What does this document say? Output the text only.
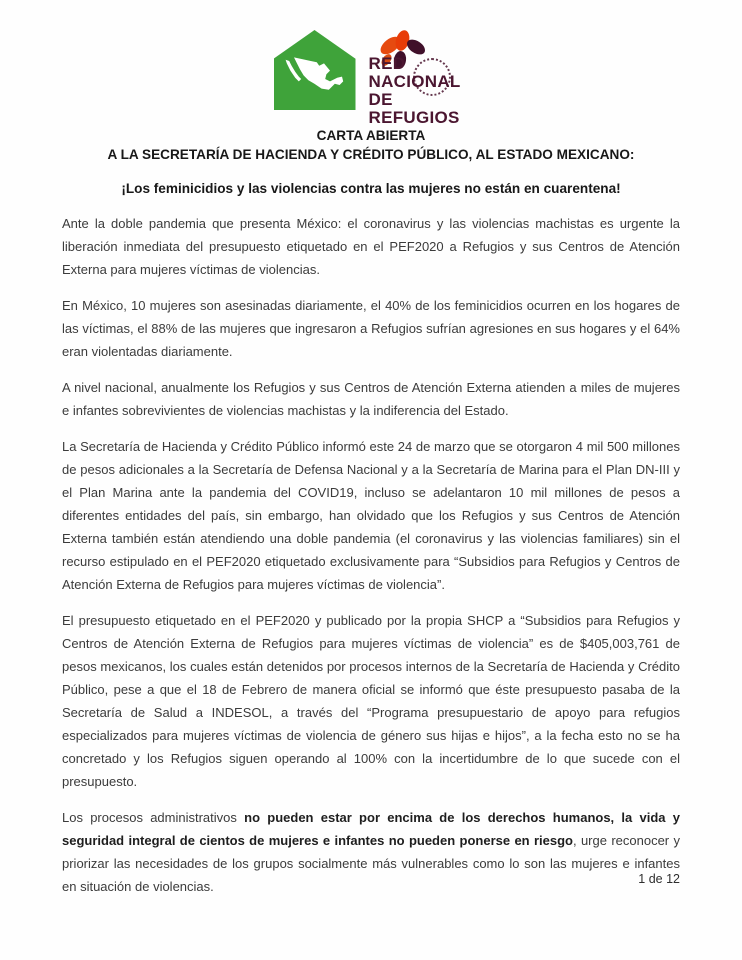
RED
NACIONAL
DE REFUGIOS
CARTA ABIERTA
A LA SECRETARÍA DE HACIENDA Y CRÉDITO PÚBLICO, AL ESTADO MEXICANO:
¡Los feminicidios y las violencias contra las mujeres no están en cuarentena!

Ante la doble pandemia que presenta México: el coronavirus y las violencias machistas es urgente la liberación inmediata del presupuesto etiquetado en el PEF2020 a Refugios y sus Centros de Atención Externa para mujeres víctimas de violencias.

En México, 10 mujeres son asesinadas diariamente, el 40% de los feminicidios ocurren en los hogares de las víctimas, el 88% de las mujeres que ingresaron a Refugios sufrían agresiones en sus hogares y el 64% eran violentadas diariamente.

A nivel nacional, anualmente los Refugios y sus Centros de Atención Externa atienden a miles de mujeres e infantes sobrevivientes de violencias machistas y la indiferencia del Estado.

La Secretaría de Hacienda y Crédito Público informó este 24 de marzo que se otorgaron 4 mil 500 millones de pesos adicionales a la Secretaría de Defensa Nacional y a la Secretaría de Marina para el Plan DN-III y el Plan Marina ante la pandemia del COVID19, incluso se adelantaron 10 mil millones de pesos a diferentes entidades del país, sin embargo, han olvidado que los Refugios y sus Centros de Atención Externa también están atendiendo una doble pandemia (el coronavirus y las violencias familiares) sin el recurso estipulado en el PEF2020 etiquetado exclusivamente para “Subsidios para Refugios y Centros de Atención Externa de Refugios para mujeres víctimas de violencia”.

El presupuesto etiquetado en el PEF2020 y publicado por la propia SHCP a “Subsidios para Refugios y Centros de Atención Externa de Refugios para mujeres víctimas de violencia” es de $405,003,761 de pesos mexicanos, los cuales están detenidos por procesos internos de la Secretaría de Hacienda y Crédito Público, pese a que el 18 de Febrero de manera oficial se informó que éste presupuesto pasaba de la Secretaría de Salud a INDESOL, a través del “Programa presupuestario de apoyo para refugios especializados para mujeres víctimas de violencia de género sus hijas e hijos”, a la fecha esto no se ha concretado y los Refugios siguen operando al 100% con la incertidumbre de lo que sucede con el presupuesto.

Los procesos administrativos no pueden estar por encima de los derechos humanos, la vida y seguridad integral de cientos de mujeres e infantes no pueden ponerse en riesgo, urge reconocer y priorizar las necesidades de los grupos socialmente más vulnerables como lo son las mujeres e infantes en situación de violencias.	1 de 12
